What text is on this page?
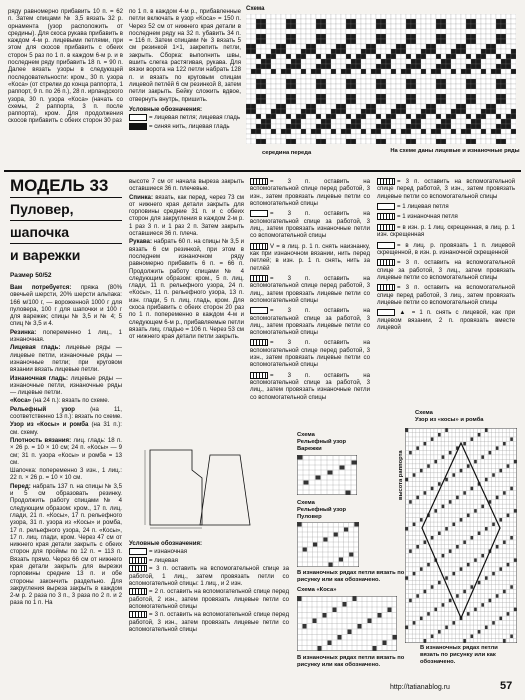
ряду равномерно прибавить 10 п. = 62 п. Затем спицами № 3,5 вязать 32 р. орнамента (узор расположить от средины). Для скоса рукава прибавить в каждом 4-м р. лицевыми петлями, при этом для скосов прибавить с обеих сторон 5 раз по 1 п. в каждом 6-м р. и в последнем ряду прибавить 18 п. = 90 п. Далее вязать узоры в следующей последовательности: кром., 30 п. узора «Коса» (от стрелки до конца раппорта, 1 раппорт, 9 п. по 26 п.), 28 п. ирландского узора, 30 п. узора «Коса» (начать со схемы, 2 раппорта, 3 п. после раппорта), кром. Для продолжения скосов прибавить с обеих сторон 30 раз

по 1 п. в каждом 4-м р., прибавленные петли включать в узор «Коса» = 150 п. Через 52 см от нижнего края детали в последнем ряду на 32 п. убавить 34 п. = 116 п. Затем спицами № 3 вязать 5 см резинкой 1×1, закрепить петли, закрыть. Сборка: выполнить швы, вшить слегка растягивая, рукава. Для вязки ворота на 122 петли набрать 128 п. и вязать по круговым спицам лицевой петлёй 6 см резинкой 8, затем петли закрыть. Бейку сложить вдвое, отвернуть внутрь, пришить.

Условные обозначения:

= лицевая петля; лицевая гладь

= синяя нить, лицевая гладь

Схема
середина переда	На схеме даны лицевые и изнаночные ряды
МОДЕЛЬ 33
Пуловер,
шапочка
и варежки
Размер 50/52

Вам потребуется: пряжа (80% овечьей шерсти, 20% шерсти альпака: 166 м/100 г, — вороженной 1000 г для пуловера, 100 г для шапочки и 100 г для варежек; спицы № 3,5 и № 4; 5 спиц № 3,5 и 4.

Резинка: попеременно 1 лиц., 1 изнаночная.

Лицевая гладь: лицевые ряды — лицевые петли, изнаночные ряды — изнаночные петли; при круговом вязании вязать лицевые петли.

Изнаночная гладь: лицевые ряды — изнаночные петли, изнаночные ряды — лицевые петли.

«Коса» (на 24 п.): вязать по схеме.

Рельефный узор (на 11, соответственно 13 п.): вязать по схеме.

Узор из «Косы» и ромба (на 31 п.): см. схему.

Плотность вязания: лиц. гладь: 18 п. × 26 р. = 10 × 10 см; 24 п. «Косы» — 9 см; 31 п. узора «Косы» и ромба = 13 см.

Шапочка: попеременно 3 изн., 1 лиц.: 22 п. × 26 р. = 10 × 10 см.

Перед: набрать 137 п. на спицы № 3,5 и 5 см образовать резинку. Продолжить работу спицами № 4 следующим образом: кром., 17 п. лиц. глади, 21 п. «Косы», 17 п. рельефного узора, 31 п. узора из «Косы» и ромба, 17 п. рельефного узора, 24 п. «Косы», 17 п. лиц. глади, кром. Через 47 см от нижнего края детали закрыть с обеих сторон для проймы по 12 п. = 113 п. Вязать прямо. Через 66 см от нижнего края детали закрыть для вырезки горловины средние 13 п. и обе стороны закончить раздельно. Для закругления выреза закрыть в каждом 2-м р. 2 раза по 3 п., 3 раза по 2 п. и 2 раза по 1 п. На

высоте 7 см от начала выреза закрыть оставшиеся 36 п. плечевые.

Спинка: вязать, как перед, через 73 см от нижнего края детали закрыть для горловины средние 31 п. и с обеих сторон для закругления в каждом 2-м р. 1 раз 3 п. и 1 раз 2 п. Затем закрыть оставшиеся 36 п. плеча.

Рукава: набрать 60 п. на спицы № 3,5 и вязать 6 см резинкой, при этом в последнем изнаночном ряду равномерно прибавить 6 п. = 66 п. Продолжить работу спицами № 4 следующим образом: кром., 5 п. лиц. глади, 11 п. рельефного узора, 24 п. «Косы», 11 п. рельефного узора, 13 п. изн. глади, 5 п. лиц. гладь, кром. Для скоса прибавить с обеих сторон 20 раз по 1 п. попеременно в каждом 4-м и следующем 6-м р., прибавляемые петли вязать лиц. гладью = 106 п. Через 53 см от нижнего края детали петли закрыть.

= 3 п. оставить на вспомогательной спице перед работой, 3 изн., затем провязать лицевые петли со вспомогательной спицы

= 3 п. оставить на вспомогательной спице за работой, 3 лиц., затем провязать изнаночные петли со вспомогательной спицы

V = в лиц. р. 1 п. снять наизнанку, как при изнаночном вязании, нить перед петлей; в изн. р. 1 п. снять, нить за петлёй

= 3 п. оставить на вспомогательной спице перед работой, 3 лиц., затем провязать лицевые петли со вспомогательной спицы

= 3 п. оставить на вспомогательной спице за работой, 3 лиц., затем провязать лицевые петли со вспомогательной спицы

= 3 п. оставить на вспомогательной спице перед работой, 3 изн., затем провязать лицевые петли со вспомогательной спицы

= 3 п. оставить на вспомогательной спице за работой, 3 лиц., затем провязать изнаночные петли со вспомогательной спицы

= 3 п. оставить на вспомогательной спице перед работой, 3 изн., затем провязать лицевые петли со вспомогательной спицы

= 1 лицевая петля

= 1 изнаночная петля

= в изн. р. 1 лиц. скрещенная, в лиц. р. 1 изн. скрещенная

= в лиц. р. провязать 1 п. лицевой скрещенной, в изн. р. изнаночной скрещенной

= 3 п. оставить на вспомогательной спице за работой, 3 лиц., затем провязать лицевые петли со вспомогательной спицы

= 3 п. оставить на вспомогательной спице перед работой, 3 лиц., затем провязать лицевые петли со вспомогательной спицы

▲ = 1 п. снять с лицевой, как при лицевом вязании, 2 п. провязать вместе лицевой

Условные обозначения:

= изнаночная

= лицевая

= 3 п. оставить на вспомогательной спице за работой, 1 лиц., затем провязать петли со вспомогательной спицы: 1 лиц., и 2 изн.

= 2 п. оставить на вспомогательной спице перед работой, 2 изн., затем провязать лицевые петли со вспомогательной спицы

= 3 п. оставить на вспомогательной спице перед работой, 3 изн., затем провязать лицевые петли со вспомогательной спицы

Схема
Рельефный узор
Варежки
Схема
Рельефный узор
Пуловер
В изнаночных рядах петли вязать по рисунку или как обозначено.
Схема «Коса»
В изнаночных рядах петли вязать по рисунку или как обозначено.
Схема
Узор из «косы» и ромба
высота раппорта
В изнаночных рядах петли вязать по рисунку или как обозначено.
http://tatianablog.ru	57
